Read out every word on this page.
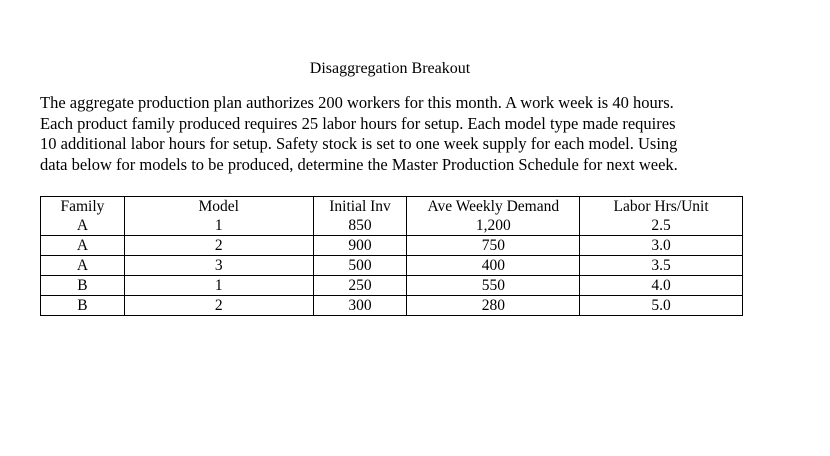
Disaggregation Breakout
The aggregate production plan authorizes 200 workers for this month. A work week is 40 hours.
Each product family produced requires 25 labor hours for setup. Each model type made requires
10 additional labor hours for setup. Safety stock is set to one week supply for each model. Using
data below for models to be produced, determine the Master Production Schedule for next week.
Family	Model	Initial Inv	Ave Weekly Demand	Labor Hrs/Unit
A	1	850	1,200	2.5
A	2	900	750	3.0
A	3	500	400	3.5
B	1	250	550	4.0
B	2	300	280	5.0
